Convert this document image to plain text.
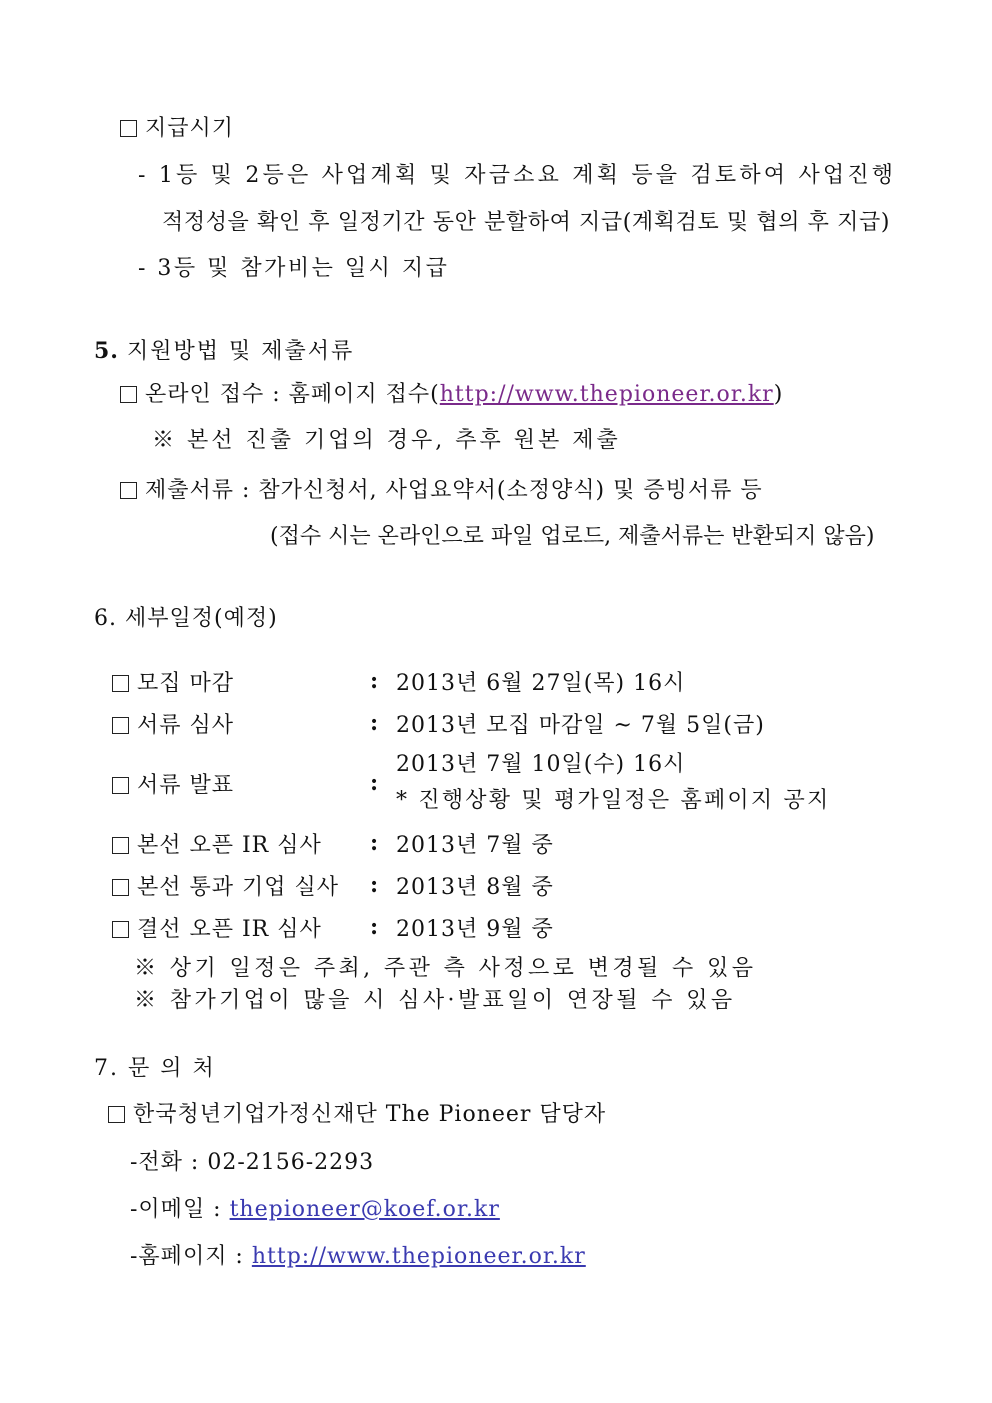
지급시기
- 1등 및 2등은 사업계획 및 자금소요 계획 등을 검토하여 사업진행
적정성을 확인 후 일정기간 동안 분할하여 지급(계획검토 및 협의 후 지급)
- 3등 및 참가비는 일시 지급
5. 지원방법 및 제출서류
온라인 접수 : 홈페이지 접수(http://www.thepioneer.or.kr)
※ 본선 진출 기업의 경우, 추후 원본 제출
제출서류 : 참가신청서, 사업요약서(소정양식) 및 증빙서류 등
(접수 시는 온라인으로 파일 업로드, 제출서류는 반환되지 않음)
6. 세부일정(예정)
모집 마감	:	2013년 6월 27일(목) 16시
서류 심사	:	2013년 모집 마감일 ~ 7월 5일(금)
서류 발표	:	2013년 7월 10일(수) 16시
* 진행상황 및 평가일정은 홈페이지 공지

본선 오픈 IR 심사	:	2013년 7월 중
본선 통과 기업 실사	:	2013년 8월 중
결선 오픈 IR 심사	:	2013년 9월 중
※ 상기 일정은 주최, 주관 측 사정으로 변경될 수 있음
※ 참가기업이 많을 시 심사·발표일이 연장될 수 있음
7. 문 의 처
한국청년기업가정신재단 The Pioneer 담당자
-전화 : 02-2156-2293
-이메일 : thepioneer@koef.or.kr
-홈페이지 : http://www.thepioneer.or.kr
